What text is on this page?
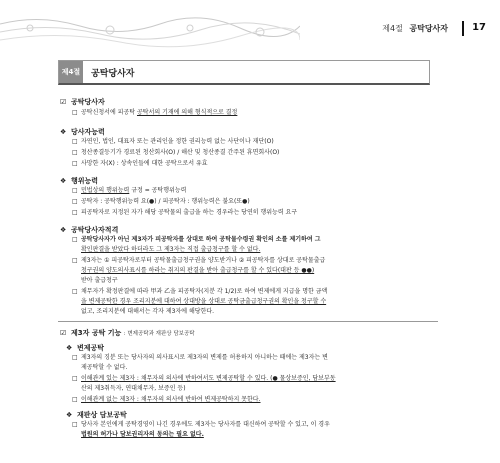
제4절 공탁당사자 17
제4절	공탁당사자
☑ 공탁당사자
□ 공탁신청서에 피공탁 공탁서의 기재에 의해 형식적으로 결정
❖ 당사자능력
□ 자연인, 법인, 대표자 또는 관리인을 정한 권리능력 없는 사단이나 재단(O)
□ 청산종결등기가 경료된 청산회사(O) / 해산 및 청산종결 간주된 휴면회사(O)
□ 사망한 자(X) : 상속인들에 대한 공탁으로서 유효
❖ 행위능력
□ 민법상의 행위능력 규정 = 공탁행위능력
□ 공탁자 : 공탁행위능력 요(●) / 피공탁자 : 행위능력은 불요(또●)
□ 피공탁자로 지정된 자가 해당 공탁물의 출급을 하는 경우라는 당연히 행위능력 요구
❖ 공탁당사자적격
□ 공탁당사자가 아닌 제3자가 피공탁자를 상대로 하여 공탁물수령권 확인의 소를 제기하여 그
확인판결을 받았다 하더라도 그 제3자는 직접 출급청구를 할 수 없다.
□ 제3자는 ① 피공탁자로부터 공탁물출급청구권을 양도받거나 ② 피공탁자를 상대로 공탁물출급
청구권의 양도의사표시를 하라는 취지의 판결을 받아 출급청구를 할 수 있다(대판 등 ●●)
받아 출급청구
□ 채무자가 확정판결에 따라 甲과 乙을 피공탁자(지분 각 1/2)로 하여 변제에게 지급을 명한 금액
을 변제공탁한 경우 조리지분에 대하여 상대방을 상대로 공탁금출급청구권의 확인을 청구할 수
없고, 조리지분에 대해서는 각자 제3자에 해당한다.
☑ 제3자 공탁 기능 : 변제공탁과 재판상 담보공탁
❖ 변제공탁
□ 제3자의 징분 또는 당사자의 의사표시로 제3자의 변제를 허용하지 아니하는 때에는 제3자는 변
제공탁할 수 없다.
□ 이해관계 있는 제3자 : 채무자의 의사에 반하여서도 변제공탁할 수 있다. (● 물상보증인, 담보부동
산의 제3취득자, 연대채무자, 보증인 등)
□ 이해관계 없는 제3자 : 채무자의 의사에 반하여 변제공탁하지 못한다.
❖ 재판상 담보공탁
□ 당사자 본인에게 공탁경영이 나긴 경우에도 제3자는 당사자를 대신하여 공탁할 수 있고, 이 경우
법원의 허가나 담보권리자의 동의는 필요 없다.
